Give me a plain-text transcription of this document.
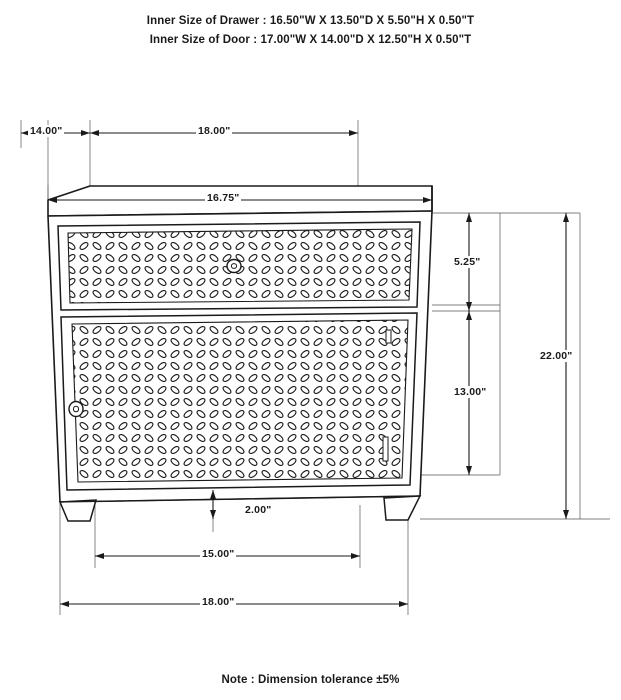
Inner Size of Drawer : 16.50"W X 13.50"D X 5.50"H X 0.50"T
Inner Size of Door : 17.00"W X 14.00"D X 12.50"H X 0.50"T
14.00"	18.00"
16.75"
5.25"
13.00"
22.00"
2.00"
15.00"
18.00"
Note : Dimension tolerance ±5%
